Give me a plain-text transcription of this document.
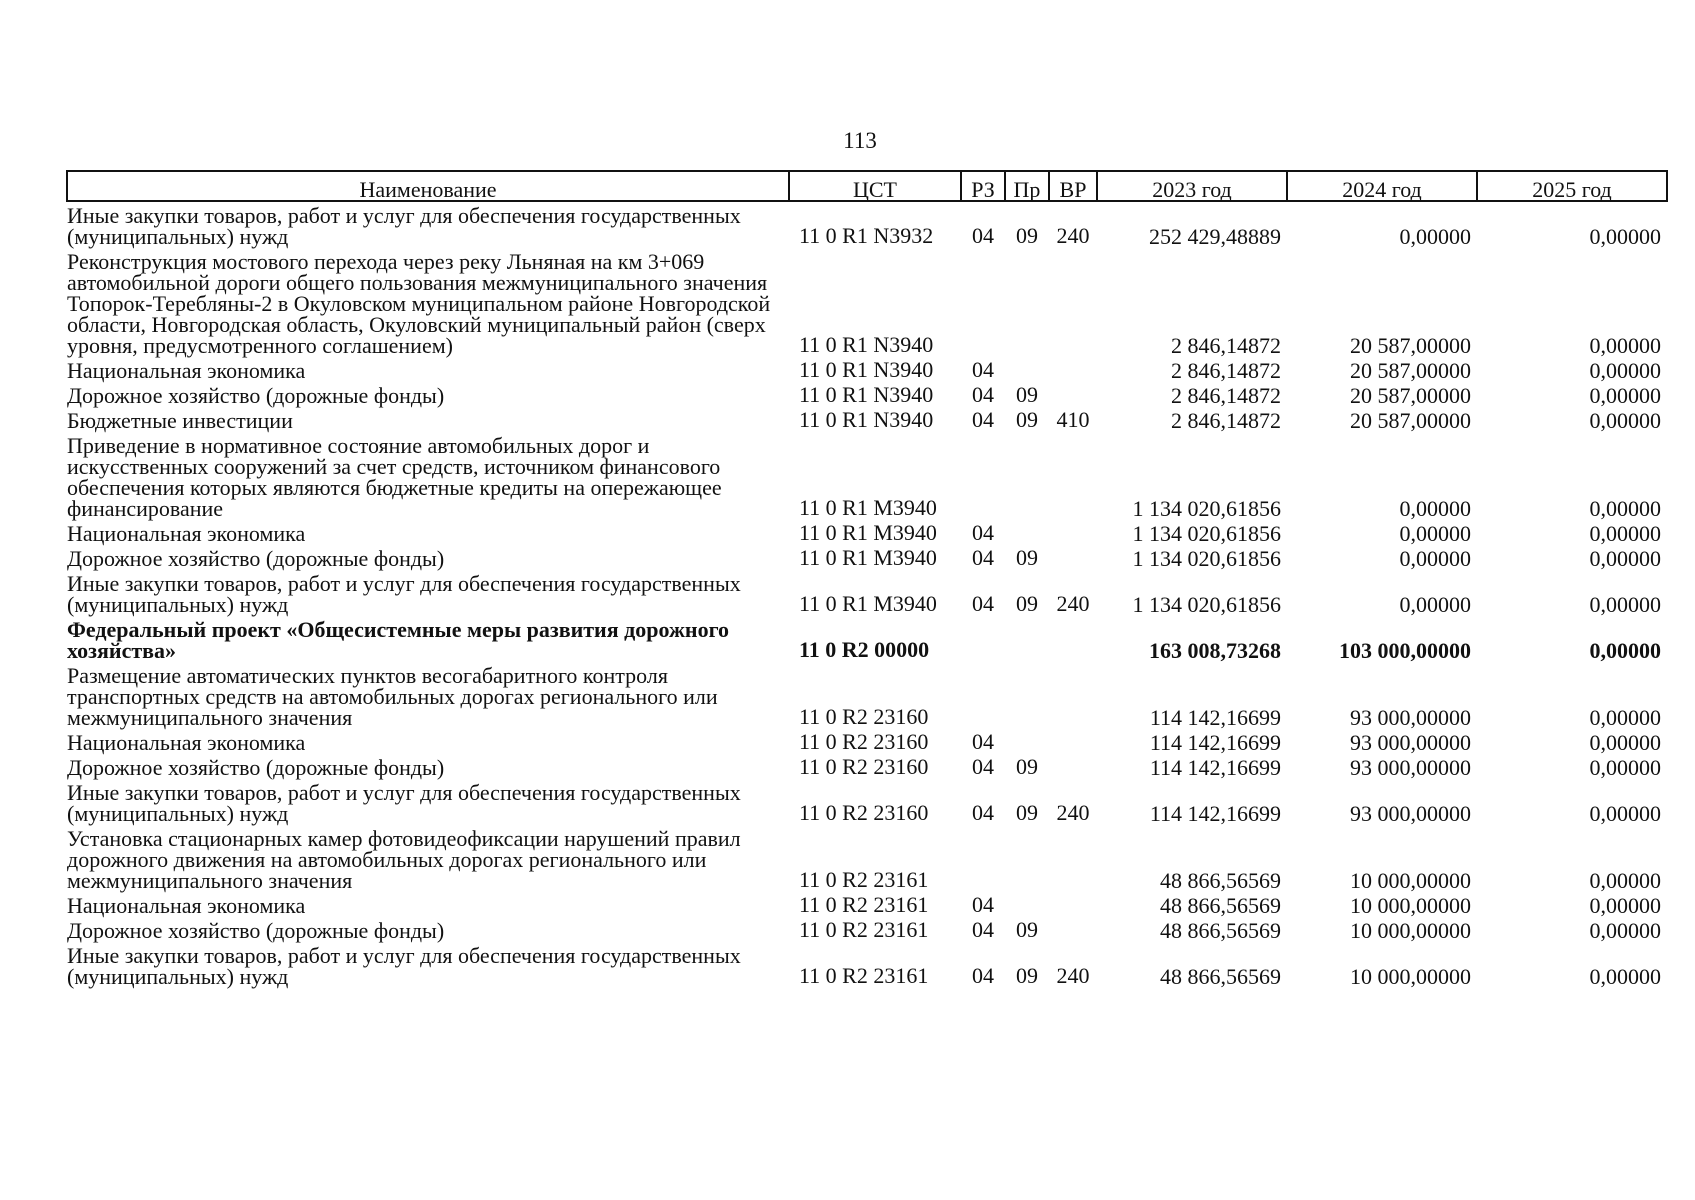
113
Наименование	ЦСТ	РЗ	Пр	ВР	2023 год	2024 год	2025 год
Иные закупки товаров, работ и услуг для обеспечения государственных (муниципальных) нужд	11 0 R1 N3932	04	09	240	252 429,48889	0,00000	0,00000
Реконструкция мостового перехода через реку Льняная на км 3+069 автомобильной дороги общего пользования межмуниципального значения Топорок-Теребляны-2 в Окуловском муниципальном районе Новгородской области, Новгородская область, Окуловский муниципальный район (сверх уровня, предусмотренного соглашением)	11 0 R1 N3940				2 846,14872	20 587,00000	0,00000
Национальная экономика	11 0 R1 N3940	04			2 846,14872	20 587,00000	0,00000
Дорожное хозяйство (дорожные фонды)	11 0 R1 N3940	04	09		2 846,14872	20 587,00000	0,00000
Бюджетные инвестиции	11 0 R1 N3940	04	09	410	2 846,14872	20 587,00000	0,00000
Приведение в нормативное состояние автомобильных дорог и искусственных сооружений за счет средств, источником финансового обеспечения которых являются бюджетные кредиты на опережающее финансирование	11 0 R1 M3940				1 134 020,61856	0,00000	0,00000
Национальная экономика	11 0 R1 M3940	04			1 134 020,61856	0,00000	0,00000
Дорожное хозяйство (дорожные фонды)	11 0 R1 M3940	04	09		1 134 020,61856	0,00000	0,00000
Иные закупки товаров, работ и услуг для обеспечения государственных (муниципальных) нужд	11 0 R1 M3940	04	09	240	1 134 020,61856	0,00000	0,00000
Федеральный проект «Общесистемные меры развития дорожного хозяйства»	11 0 R2 00000				163 008,73268	103 000,00000	0,00000
Размещение автоматических пунктов весогабаритного контроля транспортных средств на автомобильных дорогах регионального или межмуниципального значения	11 0 R2 23160				114 142,16699	93 000,00000	0,00000
Национальная экономика	11 0 R2 23160	04			114 142,16699	93 000,00000	0,00000
Дорожное хозяйство (дорожные фонды)	11 0 R2 23160	04	09		114 142,16699	93 000,00000	0,00000
Иные закупки товаров, работ и услуг для обеспечения государственных (муниципальных) нужд	11 0 R2 23160	04	09	240	114 142,16699	93 000,00000	0,00000
Установка стационарных камер фотовидеофиксации нарушений правил дорожного движения на автомобильных дорогах регионального или межмуниципального значения	11 0 R2 23161				48 866,56569	10 000,00000	0,00000
Национальная экономика	11 0 R2 23161	04			48 866,56569	10 000,00000	0,00000
Дорожное хозяйство (дорожные фонды)	11 0 R2 23161	04	09		48 866,56569	10 000,00000	0,00000
Иные закупки товаров, работ и услуг для обеспечения государственных (муниципальных) нужд	11 0 R2 23161	04	09	240	48 866,56569	10 000,00000	0,00000
